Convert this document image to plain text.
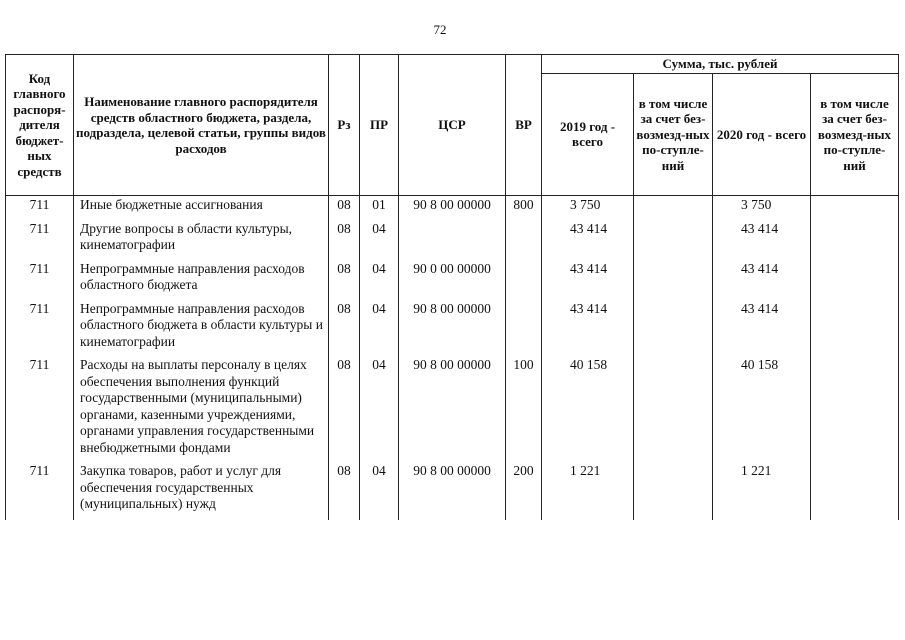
72
Код главного распоря-дителя бюджет-ных средств	Наименование главного распорядителя средств областного бюджета, раздела, подраздела, целевой статьи, группы видов расходов	Рз	ПР	ЦСР	ВР	Сумма, тыс. рублей			
						2019 год - всего	в том числе за счет без-возмезд-ных по-ступле-ний	2020 год - всего	в том числе за счет без-возмезд-ных по-ступле-ний
711	Иные бюджетные ассигнования	08	01	90 8 00 00000	800	3 750		3 750	
711	Другие вопросы в области культуры, кинематографии	08	04			43 414		43 414	
711	Непрограммные направления расходов областного бюджета	08	04	90 0 00 00000		43 414		43 414	
711	Непрограммные направления расходов областного бюджета в области культуры и кинематографии	08	04	90 8 00 00000		43 414		43 414	
711	Расходы на выплаты персоналу в целях обеспечения выполнения функций государственными (муниципальными) органами, казенными учреждениями, органами управления государственными внебюджетными фондами	08	04	90 8 00 00000	100	40 158		40 158	
711	Закупка товаров, работ и услуг для обеспечения государственных (муниципальных) нужд	08	04	90 8 00 00000	200	1 221		1 221	
